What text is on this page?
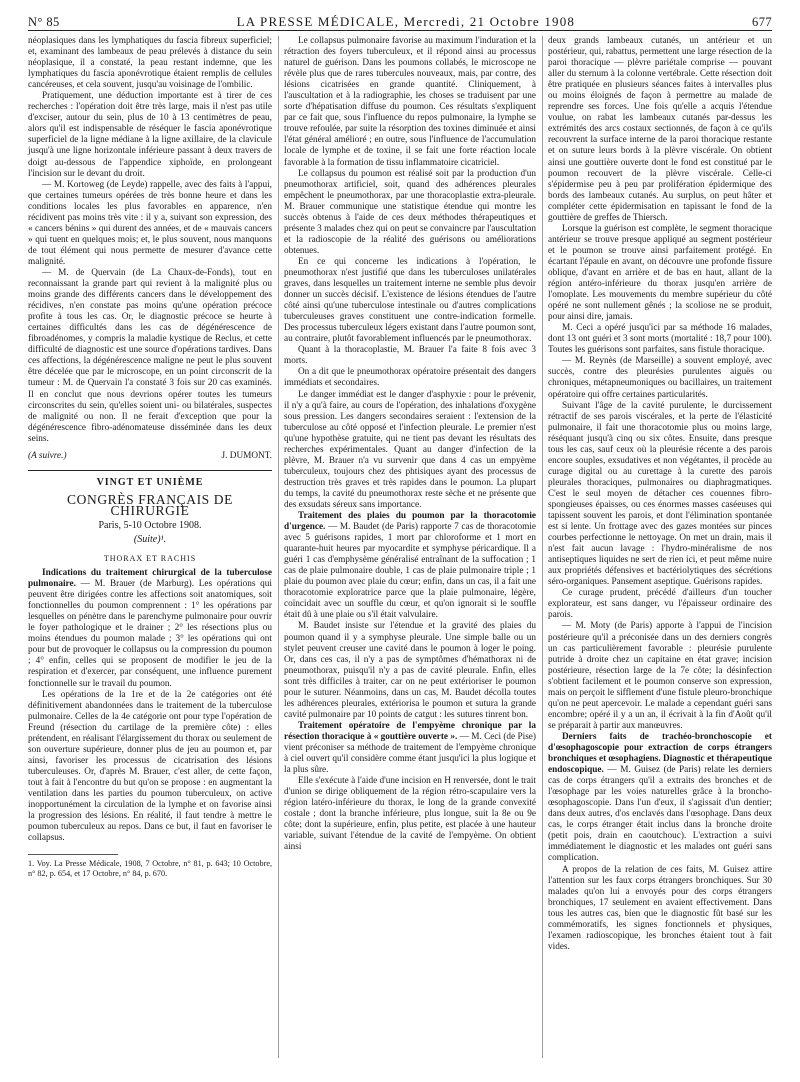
N° 85	LA PRESSE MÉDICALE, Mercredi, 21 Octobre 1908	677

néoplasiques dans les lymphatiques du fascia fibreux superficiel; et, examinant des lambeaux de peau prélevés à distance du sein néoplasique, il a constaté, la peau restant indemne, que les lymphatiques du fascia aponévrotique étaient remplis de cellules cancéreuses, et cela souvent, jusqu'au voisinage de l'ombilic.

Pratiquement, une déduction importante est à tirer de ces recherches : l'opération doit être très large, mais il n'est pas utile d'exciser, autour du sein, plus de 10 à 13 centimètres de peau, alors qu'il est indispensable de réséquer le fascia aponévrotique superficiel de la ligne médiane à la ligne axillaire, de la clavicule jusqu'à une ligne horizontale inférieure passant à deux travers de doigt au-dessous de l'appendice xiphoïde, en prolongeant l'incision sur le devant du droit.

— M. Kortoweg (de Leyde) rappelle, avec des faits à l'appui, que certaines tumeurs opérées de très bonne heure et dans les conditions locales les plus favorables en apparence, n'en récidivent pas moins très vite : il y a, suivant son expression, des « cancers bénins » qui durent des années, et de « mauvais cancers » qui tuent en quelques mois; et, le plus souvent, nous manquons de tout élément qui nous permette de mesurer d'avance cette malignité.

— M. de Quervain (de La Chaux-de-Fonds), tout en reconnaissant la grande part qui revient à la malignité plus ou moins grande des différents cancers dans le développement des récidives, n'en constate pas moins qu'une opération précoce profite à tous les cas. Or, le diagnostic précoce se heurte à certaines difficultés dans les cas de dégénérescence de fibroadénomes, y compris la maladie kystique de Reclus, et cette difficulté de diagnostic est une source d'opérations tardives. Dans ces affections, la dégénérescence maligne ne peut le plus souvent être décelée que par le microscope, en un point circonscrit de la tumeur : M. de Quervain l'a constaté 3 fois sur 20 cas examinés. Il en conclut que nous devrions opérer toutes les tumeurs circonscrites du sein, qu'elles soient uni- ou bilatérales, suspectes de malignité ou non. Il ne ferait d'exception que pour la dégénérescence fibro-adénomateuse disséminée dans les deux seins.

(A suivre.)	J. DUMONT.
VINGT ET UNIÈME
CONGRÈS FRANÇAIS DE CHIRURGIE
Paris, 5-10 Octobre 1908.
(Suite)¹.
THORAX ET RACHIS

Indications du traitement chirurgical de la tuberculose pulmonaire. — M. Brauer (de Marburg). Les opérations qui peuvent être dirigées contre les affections soit anatomiques, soit fonctionnelles du poumon comprennent : 1° les opérations par lesquelles on pénètre dans le parenchyme pulmonaire pour ouvrir le foyer pathologique et le drainer ; 2° les résections plus ou moins étendues du poumon malade ; 3° les opérations qui ont pour but de provoquer le collapsus ou la compression du poumon ; 4° enfin, celles qui se proposent de modifier le jeu de la respiration et d'exercer, par conséquent, une influence purement fonctionnelle sur le travail du poumon.

Les opérations de la 1re et de la 2e catégories ont été définitivement abandonnées dans le traitement de la tuberculose pulmonaire. Celles de la 4e catégorie ont pour type l'opération de Freund (résection du cartilage de la première côte) : elles prétendent, en réalisant l'élargissement du thorax ou seulement de son ouverture supérieure, donner plus de jeu au poumon et, par ainsi, favoriser les processus de cicatrisation des lésions tuberculeuses. Or, d'après M. Brauer, c'est aller, de cette façon, tout à fait à l'encontre du but qu'on se propose : en augmentant la ventilation dans les parties du poumon tuberculeux, on active inopportunément la circulation de la lymphe et on favorise ainsi la progression des lésions. En réalité, il faut tendre à mettre le poumon tuberculeux au repos. Dans ce but, il faut en favoriser le collapsus.

1. Voy. La Presse Médicale, 1908, 7 Octobre, n° 81, p. 643; 10 Octobre, n° 82, p. 654, et 17 Octobre, n° 84, p. 670.

Le collapsus pulmonaire favorise au maximum l'induration et la rétraction des foyers tuberculeux, et il répond ainsi au processus naturel de guérison. Dans les poumons collabés, le microscope ne révèle plus que de rares tubercules nouveaux, mais, par contre, des lésions cicatrisées en grande quantité. Cliniquement, à l'auscultation et à la radiographie, les choses se traduisent par une sorte d'hépatisation diffuse du poumon. Ces résultats s'expliquent par ce fait que, sous l'influence du repos pulmonaire, la lymphe se trouve refoulée, par suite la résorption des toxines diminuée et ainsi l'état général amélioré ; en outre, sous l'influence de l'accumulation locale de lymphe et de toxine, il se fait une forte réaction locale favorable à la formation de tissu inflammatoire cicatriciel.

Le collapsus du poumon est réalisé soit par la production d'un pneumothorax artificiel, soit, quand des adhérences pleurales empêchent le pneumothorax, par une thoracoplastie extra-pleurale. M. Brauer communique une statistique étendue qui montre les succès obtenus à l'aide de ces deux méthodes thérapeutiques et présente 3 malades chez qui on peut se convaincre par l'auscultation et la radioscopie de la réalité des guérisons ou améliorations obtenues.

En ce qui concerne les indications à l'opération, le pneumothorax n'est justifié que dans les tuberculoses unilatérales graves, dans lesquelles un traitement interne ne semble plus devoir donner un succès décisif. L'existence de lésions étendues de l'autre côté ainsi qu'une tuberculose intestinale ou d'autres complications tuberculeuses graves constituent une contre-indication formelle. Des processus tuberculeux légers existant dans l'autre poumon sont, au contraire, plutôt favorablement influencés par le pneumothorax.

Quant à la thoracoplastie, M. Brauer l'a faite 8 fois avec 3 morts.

On a dit que le pneumothorax opératoire présentait des dangers immédiats et secondaires.

Le danger immédiat est le danger d'asphyxie : pour le prévenir, il n'y a qu'à faire, au cours de l'opération, des inhalations d'oxygène sous pression. Les dangers secondaires seraient : l'extension de la tuberculose au côté opposé et l'infection pleurale. Le premier n'est qu'une hypothèse gratuite, qui ne tient pas devant les résultats des recherches expérimentales. Quant au danger d'infection de la plèvre, M. Brauer n'a vu survenir que dans 4 cas un empyème tuberculeux, toujours chez des phtisiques ayant des processus de destruction très graves et très rapides dans le poumon. La plupart du temps, la cavité du pneumothorax reste sèche et ne présente que des exsudats séreux sans importance.

Traitement des plaies du poumon par la thoracotomie d'urgence. — M. Baudet (de Paris) rapporte 7 cas de thoracotomie avec 5 guérisons rapides, 1 mort par chloroforme et 1 mort en quarante-huit heures par myocardite et symphyse péricardique. Il a guéri 1 cas d'emphysème généralisé entraînant de la suffocation ; 1 cas de plaie pulmonaire double, 1 cas de plaie pulmonaire triple ; 1 plaie du poumon avec plaie du cœur; enfin, dans un cas, il a fait une thoracotomie exploratrice parce que la plaie pulmonaire, légère, coïncidait avec un souffle du cœur, et qu'on ignorait si le souffle était dû à une plaie ou s'il était valvulaire.

M. Baudet insiste sur l'étendue et la gravité des plaies du poumon quand il y a symphyse pleurale. Une simple balle ou un stylet peuvent creuser une cavité dans le poumon à loger le poing. Or, dans ces cas, il n'y a pas de symptômes d'hémathorax ni de pneumothorax, puisqu'il n'y a pas de cavité pleurale. Enfin, elles sont très difficiles à traiter, car on ne peut extérioriser le poumon pour le suturer. Néanmoins, dans un cas, M. Baudet décolla toutes les adhérences pleurales, extériorisa le poumon et sutura la grande cavité pulmonaire par 10 points de catgut : les sutures tinrent bon.

Traitement opératoire de l'empyème chronique par la résection thoracique à « gouttière ouverte ». — M. Ceci (de Pise) vient préconiser sa méthode de traitement de l'empyème chronique à ciel ouvert qu'il considère comme étant jusqu'ici la plus logique et la plus sûre.

Elle s'exécute à l'aide d'une incision en H renversée, dont le trait d'union se dirige obliquement de la région rétro-scapulaire vers la région latéro-inférieure du thorax, le long de la grande convexité costale ; dont la branche inférieure, plus longue, suit la 8e ou 9e côte; dont la supérieure, enfin, plus petite, est placée à une hauteur variable, suivant l'étendue de la cavité de l'empyème. On obtient ainsi

deux grands lambeaux cutanés, un antérieur et un postérieur, qui, rabattus, permettent une large résection de la paroi thoracique — plèvre pariétale comprise — pouvant aller du sternum à la colonne vertébrale. Cette résection doit être pratiquée en plusieurs séances faites à intervalles plus ou moins éloignés de façon à permettre au malade de reprendre ses forces. Une fois qu'elle a acquis l'étendue voulue, on rabat les lambeaux cutanés par-dessus les extrémités des arcs costaux sectionnés, de façon à ce qu'ils recouvrent la surface interne de la paroi thoracique restante et on suture leurs bords à la plèvre viscérale. On obtient ainsi une gouttière ouverte dont le fond est constitué par le poumon recouvert de la plèvre viscérale. Celle-ci s'épidermise peu à peu par prolifération épidermique des bords des lambeaux cutanés. Au surplus, on peut hâter et compléter cette épidermisation en tapissant le fond de la gouttière de greffes de Thiersch.

Lorsque la guérison est complète, le segment thoracique antérieur se trouve presque appliqué au segment postérieur et le poumon se trouve ainsi parfaitement protégé. En écartant l'épaule en avant, on découvre une profonde fissure oblique, d'avant en arrière et de bas en haut, allant de la région antéro-inférieure du thorax jusqu'en arrière de l'omoplate. Les mouvements du membre supérieur du côté opéré ne sont nullement gênés ; la scoliose ne se produit, pour ainsi dire, jamais.

M. Ceci a opéré jusqu'ici par sa méthode 16 malades, dont 13 ont guéri et 3 sont morts (mortalité : 18,7 pour 100). Toutes les guérisons sont parfaites, sans fistule thoracique.

— M. Reynès (de Marseille) a souvent employé, avec succès, contre des pleurésies purulentes aiguës ou chroniques, métapneumoniques ou bacillaires, un traitement opératoire qui offre certaines particularités.

Suivant l'âge de la cavité purulente, le durcissement rétractif de ses parois viscérales, et la perte de l'élasticité pulmonaire, il fait une thoracotomie plus ou moins large, réséquant jusqu'à cinq ou six côtes. Ensuite, dans presque tous les cas, sauf ceux où la pleurésie récente a des parois encore souples, exsudatives et non végétantes, il procède au curage digital ou au curettage à la curette des parois pleurales thoraciques, pulmonaires ou diaphragmatiques. C'est le seul moyen de détacher ces couennes fibro-spongieuses épaisses, ou ces énormes masses caséeuses qui tapissent souvent les parois, et dont l'élimination spontanée est si lente. Un frottage avec des gazes montées sur pinces courbes perfectionne le nettoyage. On met un drain, mais il n'est fait aucun lavage : l'hydro-minéralisme de nos antiseptiques liquides ne sert de rien ici, et peut même nuire aux propriétés défensives et bactériolytiques des sécrétions séro-organiques. Pansement aseptique. Guérisons rapides.

Ce curage prudent, précédé d'ailleurs d'un toucher explorateur, est sans danger, vu l'épaisseur ordinaire des parois.

— M. Moty (de Paris) apporte à l'appui de l'incision postérieure qu'il a préconisée dans un des derniers congrès un cas particulièrement favorable : pleurésie purulente putride à droite chez un capitaine en état grave; incision postérieure, résection large de la 7e côte; la désinfection s'obtient facilement et le poumon conserve son expression, mais on perçoit le sifflement d'une fistule pleuro-bronchique qu'on ne peut apercevoir. Le malade a cependant guéri sans encombre; opéré il y a un an, il écrivait à la fin d'Août qu'il se préparait à partir aux manœuvres.

Derniers faits de trachéo-bronchoscopie et d'œsophagoscopie pour extraction de corps étrangers bronchiques et œsophagiens. Diagnostic et thérapeutique endoscopique. — M. Guisez (de Paris) relate les derniers cas de corps étrangers qu'il a extraits des bronches et de l'œsophage par les voies naturelles grâce à la broncho-œsophagoscopie. Dans l'un d'eux, il s'agissait d'un dentier; dans deux autres, d'os enclavés dans l'œsophage. Dans deux cas, le corps étranger était inclus dans la bronche droite (petit pois, drain en caoutchouc). L'extraction a suivi immédiatement le diagnostic et les malades ont guéri sans complication.

A propos de la relation de ces faits, M. Guisez attire l'attention sur les faux corps étrangers bronchiques. Sur 30 malades qu'on lui a envoyés pour des corps étrangers bronchiques, 17 seulement en avaient effectivement. Dans tous les autres cas, bien que le diagnostic fût basé sur les commémoratifs, les signes fonctionnels et physiques, l'examen radioscopique, les bronches étaient tout à fait vides.
